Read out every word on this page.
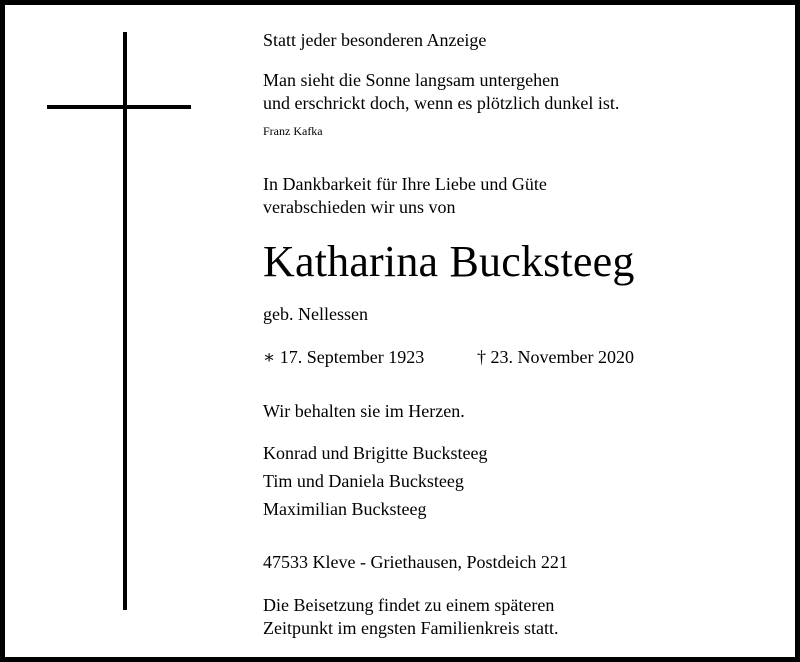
Statt jeder besonderen Anzeige
Man sieht die Sonne langsam untergehen
und erschrickt doch, wenn es plötzlich dunkel ist.
Franz Kafka
In Dankbarkeit für Ihre Liebe und Güte
verabschieden wir uns von
Katharina Bucksteeg
geb. Nellessen
∗ 17. September 1923	† 23. November 2020
Wir behalten sie im Herzen.
Konrad und Brigitte Bucksteeg
Tim und Daniela Bucksteeg
Maximilian Bucksteeg
47533 Kleve - Griethausen, Postdeich 221
Die Beisetzung findet zu einem späteren
Zeitpunkt im engsten Familienkreis statt.
